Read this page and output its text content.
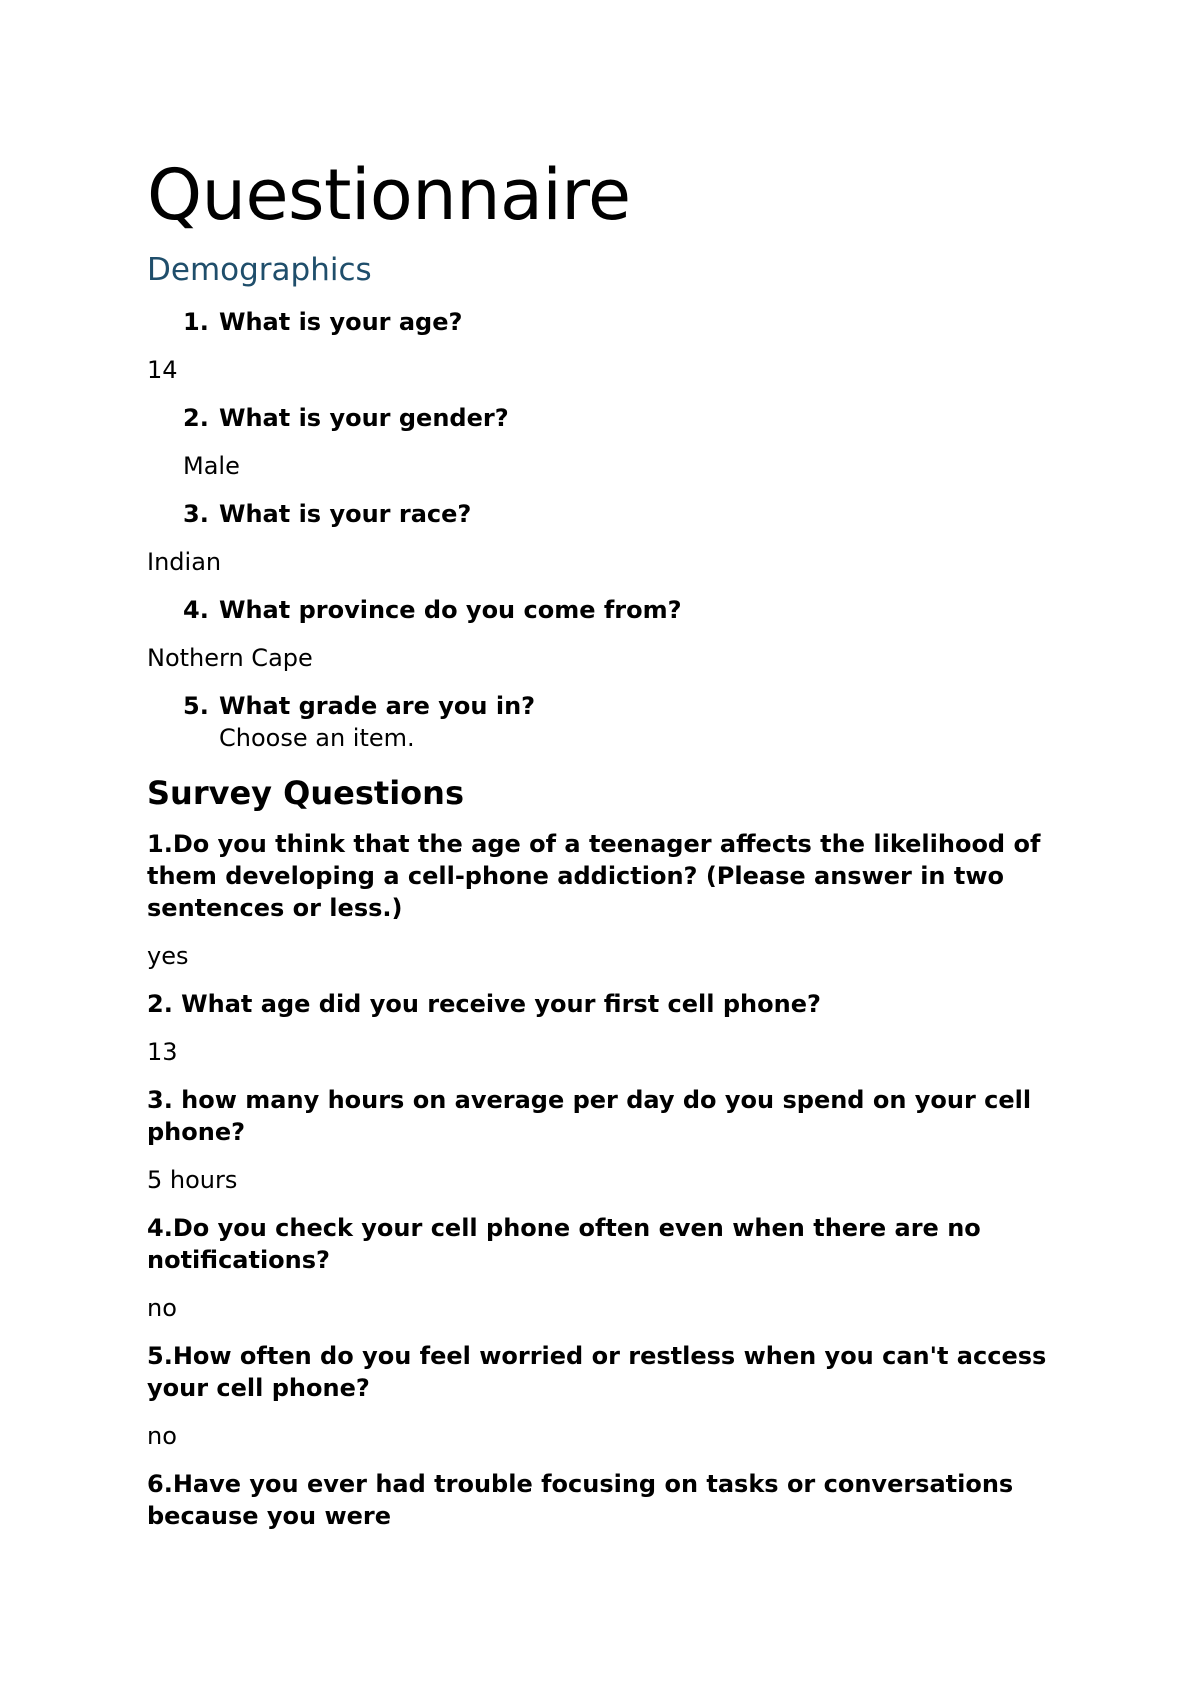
Questionnaire
Demographics
1. What is your age?
14
2. What is your gender?
Male
3. What is your race?
Indian
4. What province do you come from?
Nothern Cape
5. What grade are you in?
Choose an item.
Survey Questions
1.Do you think that the age of a teenager affects the likelihood of them developing a cell-phone addiction? (Please answer in two sentences or less.)
yes
2. What age did you receive your first cell phone?
13
3. how many hours on average per day do you spend on your cell phone?
5 hours
4.Do you check your cell phone often even when there are no notifications?
no
5.How often do you feel worried or restless when you can't access your cell phone?
no
6.Have you ever had trouble focusing on tasks or conversations because you were
